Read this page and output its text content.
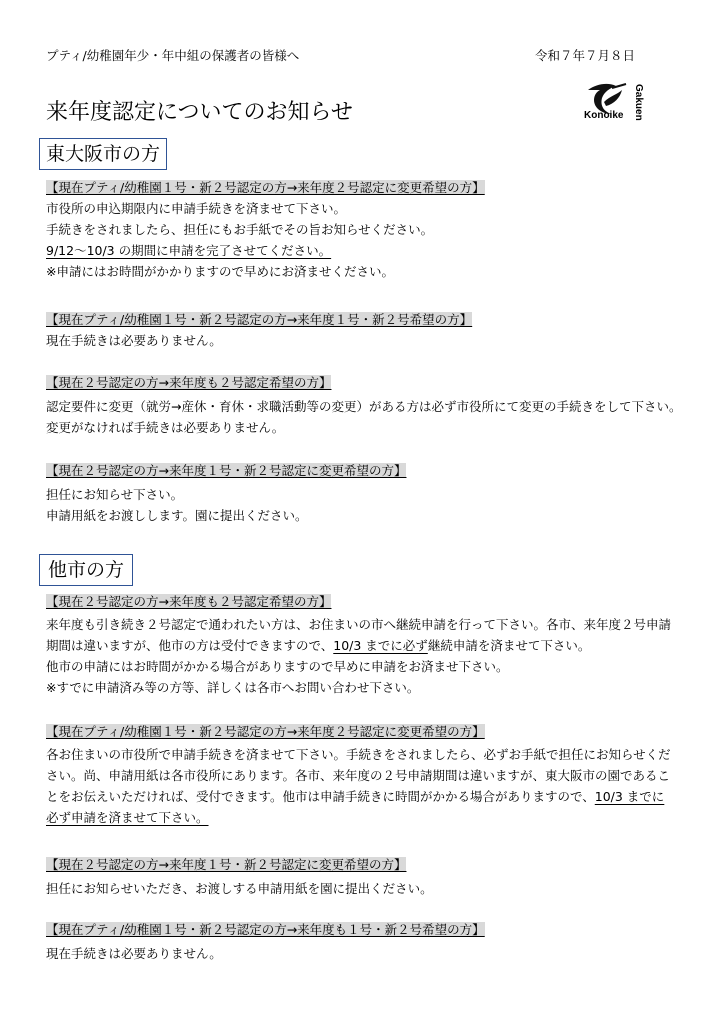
プティ/幼稚園年少・年中組の保護者の皆様へ	令和７年７月８日
来年度認定についてのお知らせ	Konoike Gakuen
東大阪市の方
【現在プティ/幼稚園１号・新２号認定の方→来年度２号認定に変更希望の方】
市役所の申込期限内に申請手続きを済ませて下さい。
手続きをされましたら、担任にもお手紙でその旨お知らせください。
9/12～10/3 の期間に申請を完了させてください。
※申請にはお時間がかかりますので早めにお済ませください。
【現在プティ/幼稚園１号・新２号認定の方→来年度１号・新２号希望の方】
現在手続きは必要ありません。
【現在２号認定の方→来年度も２号認定希望の方】
認定要件に変更（就労→産休・育休・求職活動等の変更）がある方は必ず市役所にて変更の手続きをして下さい。
変更がなければ手続きは必要ありません。
【現在２号認定の方→来年度１号・新２号認定に変更希望の方】
担任にお知らせ下さい。
申請用紙をお渡しします。園に提出ください。
他市の方
【現在２号認定の方→来年度も２号認定希望の方】
来年度も引き続き２号認定で通われたい方は、お住まいの市へ継続申請を行って下さい。各市、来年度２号申請
期間は違いますが、他市の方は受付できますので、10/3 までに必ず継続申請を済ませて下さい。
他市の申請にはお時間がかかる場合がありますので早めに申請をお済ませ下さい。
※すでに申請済み等の方等、詳しくは各市へお問い合わせ下さい。
【現在プティ/幼稚園１号・新２号認定の方→来年度２号認定に変更希望の方】
各お住まいの市役所で申請手続きを済ませて下さい。手続きをされましたら、必ずお手紙で担任にお知らせくだ
さい。尚、申請用紙は各市役所にあります。各市、来年度の２号申請期間は違いますが、東大阪市の園であるこ
とをお伝えいただければ、受付できます。他市は申請手続きに時間がかかる場合がありますので、10/3 までに
必ず申請を済ませて下さい。
【現在２号認定の方→来年度１号・新２号認定に変更希望の方】
担任にお知らせいただき、お渡しする申請用紙を園に提出ください。
【現在プティ/幼稚園１号・新２号認定の方→来年度も１号・新２号希望の方】
現在手続きは必要ありません。
